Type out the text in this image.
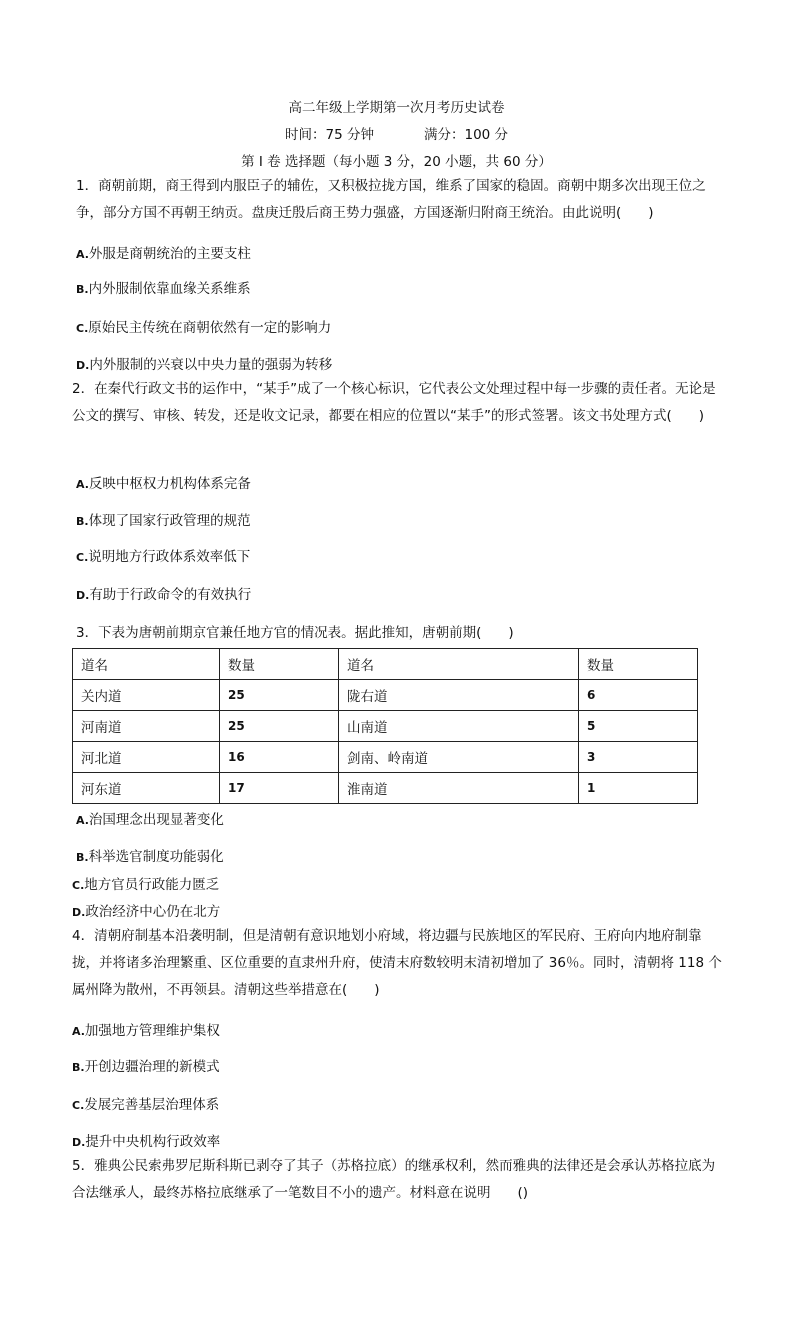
高二年级上学期第一次月考历史试卷
时间：75 分钟	满分：100 分
第 I 卷 选择题（每小题 3 分，20 小题，共 60 分）
1．商朝前期，商王得到内服臣子的辅佐，又积极拉拢方国，维系了国家的稳固。商朝中期多次出现王位之争，部分方国不再朝王纳贡。盘庚迁殷后商王势力强盛，方国逐渐归附商王统治。由此说明(　　)
A.外服是商朝统治的主要支柱
B.内外服制依靠血缘关系维系
C.原始民主传统在商朝依然有一定的影响力
D.内外服制的兴衰以中央力量的强弱为转移
2．在秦代行政文书的运作中，“某手”成了一个核心标识，它代表公文处理过程中每一步骤的责任者。无论是公文的撰写、审核、转发，还是收文记录，都要在相应的位置以“某手”的形式签署。该文书处理方式(　　)
A.反映中枢权力机构体系完备
B.体现了国家行政管理的规范
C.说明地方行政体系效率低下
D.有助于行政命令的有效执行
3．下表为唐朝前期京官兼任地方官的情况表。据此推知，唐朝前期(　　)
道名	数量	道名	数量
关内道	25	陇右道	6
河南道	25	山南道	5
河北道	16	剑南、岭南道	3
河东道	17	淮南道	1
A.治国理念出现显著变化
B.科举选官制度功能弱化
C.地方官员行政能力匮乏
D.政治经济中心仍在北方
4．清朝府制基本沿袭明制，但是清朝有意识地划小府域，将边疆与民族地区的军民府、王府向内地府制靠拢，并将诸多治理繁重、区位重要的直隶州升府，使清末府数较明末清初增加了 36％。同时，清朝将 118 个属州降为散州，不再领县。清朝这些举措意在(　　)
A.加强地方管理维护集权
B.开创边疆治理的新模式
C.发展完善基层治理体系
D.提升中央机构行政效率
5．雅典公民索弗罗尼斯科斯已剥夺了其子（苏格拉底）的继承权利，然而雅典的法律还是会承认苏格拉底为合法继承人，最终苏格拉底继承了一笔数目不小的遗产。材料意在说明　　()
